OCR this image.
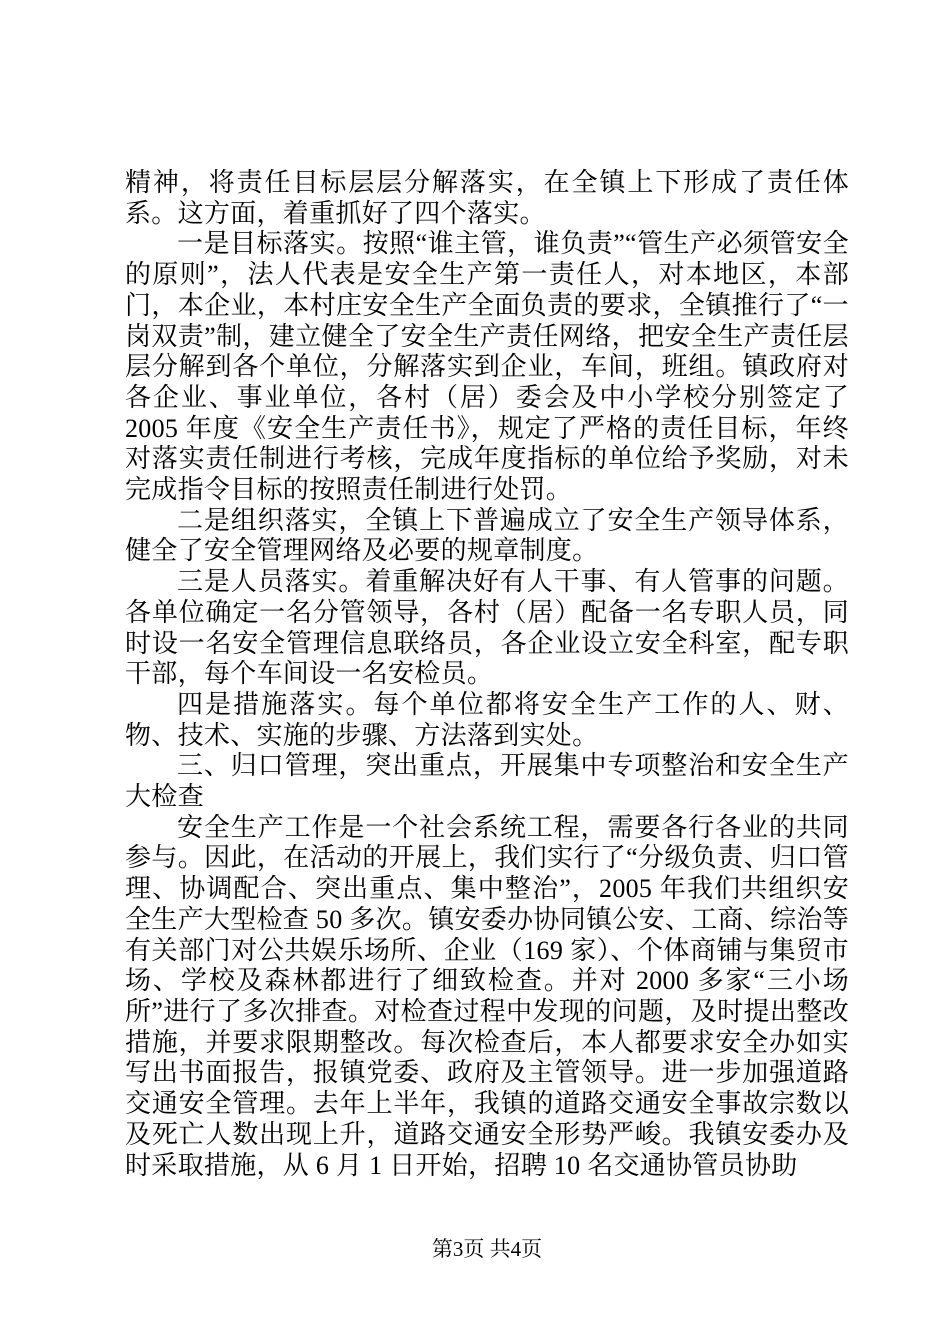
精神，将责任目标层层分解落实，在全镇上下形成了责任体系。这方面，着重抓好了四个落实。

一是目标落实。按照“谁主管，谁负责”“管生产必须管安全的原则”，法人代表是安全生产第一责任人，对本地区，本部门，本企业，本村庄安全生产全面负责的要求，全镇推行了“一岗双责”制，建立健全了安全生产责任网络，把安全生产责任层层分解到各个单位，分解落实到企业，车间，班组。镇政府对各企业、事业单位，各村（居）委会及中小学校分别签定了 2005 年度《安全生产责任书》，规定了严格的责任目标，年终对落实责任制进行考核，完成年度指标的单位给予奖励，对未完成指令目标的按照责任制进行处罚。

二是组织落实，全镇上下普遍成立了安全生产领导体系，健全了安全管理网络及必要的规章制度。

三是人员落实。着重解决好有人干事、有人管事的问题。各单位确定一名分管领导，各村（居）配备一名专职人员，同时设一名安全管理信息联络员，各企业设立安全科室，配专职干部，每个车间设一名安检员。

四是措施落实。每个单位都将安全生产工作的人、财、物、技术、实施的步骤、方法落到实处。

三、归口管理，突出重点，开展集中专项整治和安全生产大检查

安全生产工作是一个社会系统工程，需要各行各业的共同参与。因此，在活动的开展上，我们实行了“分级负责、归口管理、协调配合、突出重点、集中整治”，2005 年我们共组织安全生产大型检查 50 多次。镇安委办协同镇公安、工商、综治等有关部门对公共娱乐场所、企业（169 家）、个体商铺与集贸市场、学校及森林都进行了细致检查。并对 2000 多家“三小场所”进行了多次排查。对检查过程中发现的问题，及时提出整改措施，并要求限期整改。每次检查后，本人都要求安全办如实写出书面报告，报镇党委、政府及主管领导。进一步加强道路交通安全管理。去年上半年，我镇的道路交通安全事故宗数以及死亡人数出现上升，道路交通安全形势严峻。我镇安委办及时采取措施，从 6 月 1 日开始，招聘 10 名交通协管员协助

第3页 共4页
